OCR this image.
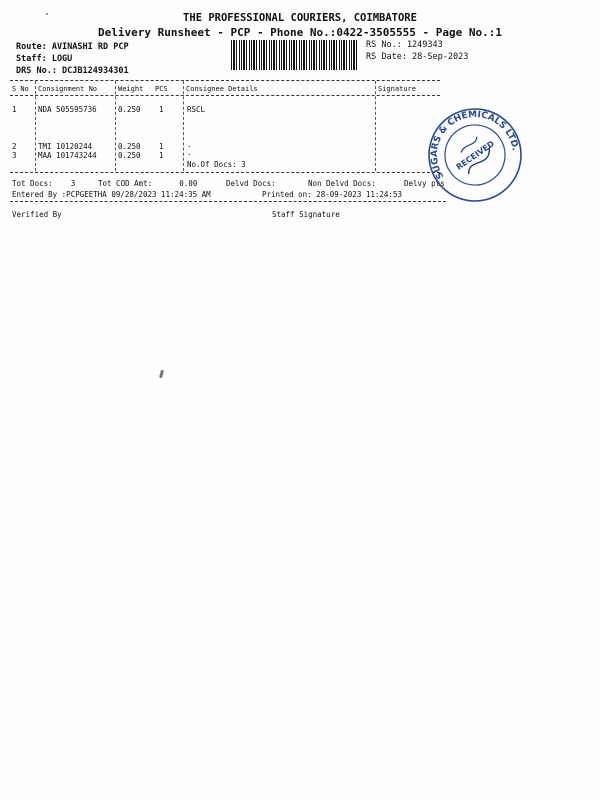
THE PROFESSIONAL COURIERS, COIMBATORE
Delivery Runsheet - PCP - Phone No.:0422-3505555 - Page No.:1
Route: AVINASHI RD PCP
Staff: LOGU
DRS No.: DCJB124934301
RS No.: 1249343
RS Date: 28-Sep-2023
S No Consignment No	Weight PCS	Consignee Details	Signature
1	NDA 505595736	0.250 1	RSCL
2	TMI 10120244	0.250 1	.
3	MAA 101743244	0.250 1	.
No.Of Docs: 3
Tot Docs:    3	Tot COD Amt:      0.00	Delvd Docs:	Non Delvd Docs:	Delvy pts
Entered By :PCPGEETHA 09/28/2023 11:24:35 AM	Printed on: 28-09-2023 11:24:53
Verified By	Staff Signature
SUGARS & CHEMICALS LTD.
RECEIVED
